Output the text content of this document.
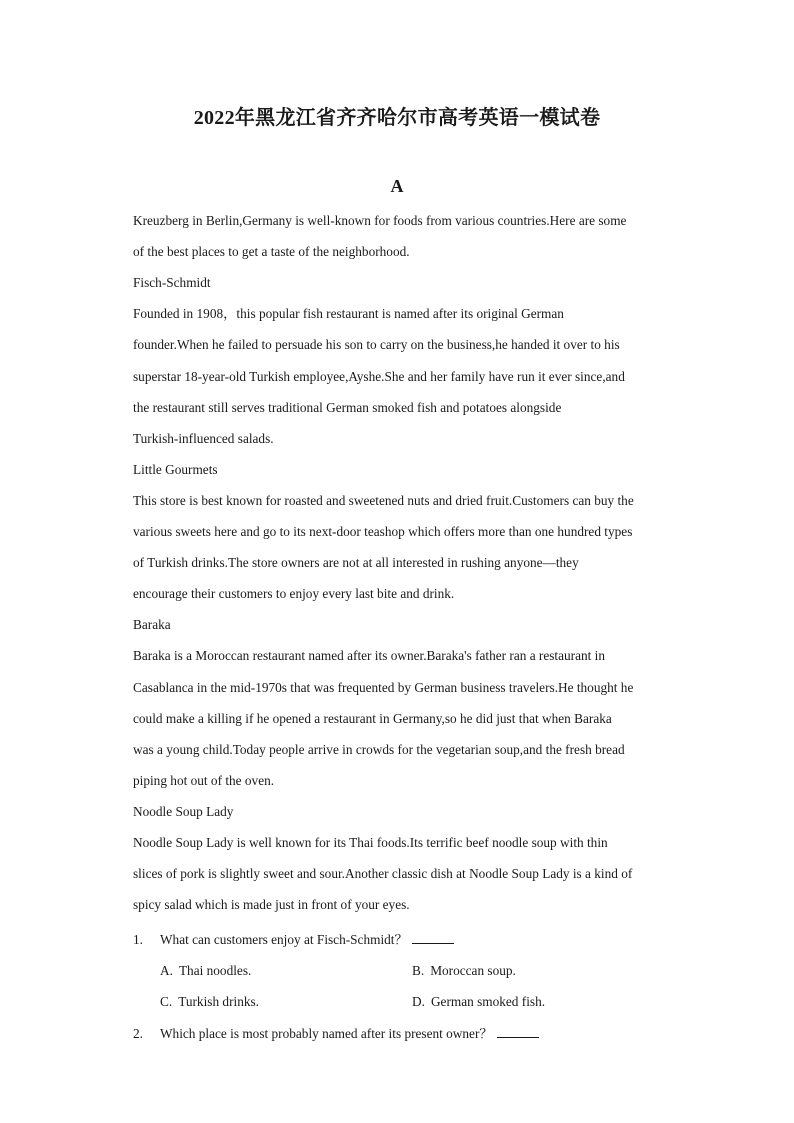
2022年黑龙江省齐齐哈尔市高考英语一模试卷
A
Kreuzberg in Berlin,Germany is well-known for foods from various countries.Here are some
of the best places to get a taste of the neighborhood.
Fisch-Schmidt
Founded in 1908，this popular fish restaurant is named after its original German
founder.When he failed to persuade his son to carry on the business,he handed it over to his
superstar 18-year-old Turkish employee,Ayshe.She and her family have run it ever since,and
the restaurant still serves traditional German smoked fish and potatoes alongside
Turkish-influenced salads.
Little Gourmets
This store is best known for roasted and sweetened nuts and dried fruit.Customers can buy the
various sweets here and go to its next-door teashop which offers more than one hundred types
of Turkish drinks.The store owners are not at all interested in rushing anyone—they
encourage their customers to enjoy every last bite and drink.
Baraka
Baraka is a Moroccan restaurant named after its owner.Baraka's father ran a restaurant in
Casablanca in the mid-1970s that was frequented by German business travelers.He thought he
could make a killing if he opened a restaurant in Germany,so he did just that when Baraka
was a young child.Today people arrive in crowds for the vegetarian soup,and the fresh bread
piping hot out of the oven.
Noodle Soup Lady
Noodle Soup Lady is well known for its Thai foods.Its terrific beef noodle soup with thin
slices of pork is slightly sweet and sour.Another classic dish at Noodle Soup Lady is a kind of
spicy salad which is made just in front of your eyes.
1. What can customers enjoy at Fisch-Schmidt？
A. Thai noodles.	B. Moroccan soup.
C. Turkish drinks.	D. German smoked fish.
2. Which place is most probably named after its present owner？
